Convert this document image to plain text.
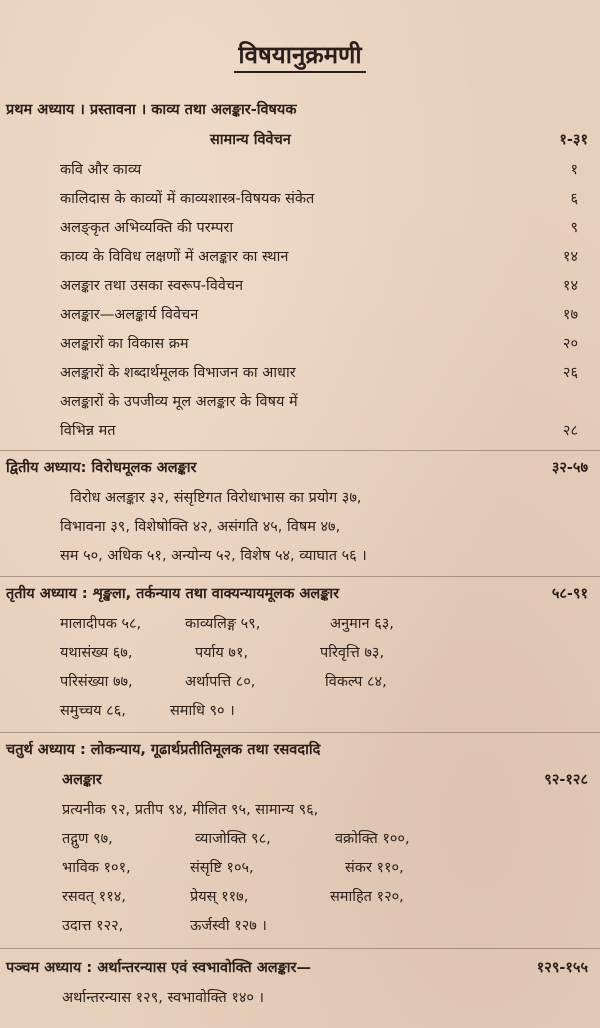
विषयानुक्रमणी
प्रथम अध्याय । प्रस्तावना । काव्य तथा अलङ्कार-विषयक
सामान्य विवेचन	१-३१
कवि और काव्य	१
कालिदास के काव्यों में काव्यशास्त्र-विषयक संकेत	६
अलङ्कृत अभिव्यक्ति की परम्परा	९
काव्य के विविध लक्षणों में अलङ्कार का स्थान	१४
अलङ्कार तथा उसका स्वरूप-विवेचन	१४
अलङ्कार—अलङ्कार्य विवेचन	१७
अलङ्कारों का विकास क्रम	२०
अलङ्कारों के शब्दार्थमूलक विभाजन का आधार	२६
अलङ्कारों के उपजीव्य मूल अलङ्कार के विषय में
विभिन्न मत	२८
द्वितीय अध्याय: विरोधमूलक अलङ्कार	३२-५७
विरोध अलङ्कार ३२, संसृष्टिगत विरोधाभास का प्रयोग ३७,
विभावना ३९, विशेषोक्ति ४२, असंगति ४५, विषम ४७,
सम ५०, अधिक ५१, अन्योन्य ५२, विशेष ५४, व्याघात ५६ ।
तृतीय अध्याय : शृङ्खला, तर्कन्याय तथा वाक्यन्यायमूलक अलङ्कार	५८-९१
मालादीपक ५८,	काव्यलिङ्ग ५९,	अनुमान ६३,
यथासंख्य ६७,	पर्याय ७१,	परिवृत्ति ७३,
परिसंख्या ७७,	अर्थापत्ति ८०,	विकल्प ८४,
समुच्चय ८६,	समाधि ९० ।
चतुर्थ अध्याय : लोकन्याय, गूढार्थप्रतीतिमूलक तथा रसवदादि
अलङ्कार	९२-१२८
प्रत्यनीक ९२, प्रतीप ९४, मीलित ९५, सामान्य ९६,
तद्गुण ९७,	व्याजोक्ति ९८,	वक्रोक्ति १००,
भाविक १०१,	संसृष्टि १०५,	संकर ११०,
रसवत् ११४,	प्रेयस् ११७,	समाहित १२०,
उदात्त १२२,	ऊर्जस्वी १२७ ।
पञ्चम अध्याय : अर्थान्तरन्यास एवं स्वभावोक्ति अलङ्कार—	१२९-१५५
अर्थान्तरन्यास १२९, स्वभावोक्ति १४० ।
